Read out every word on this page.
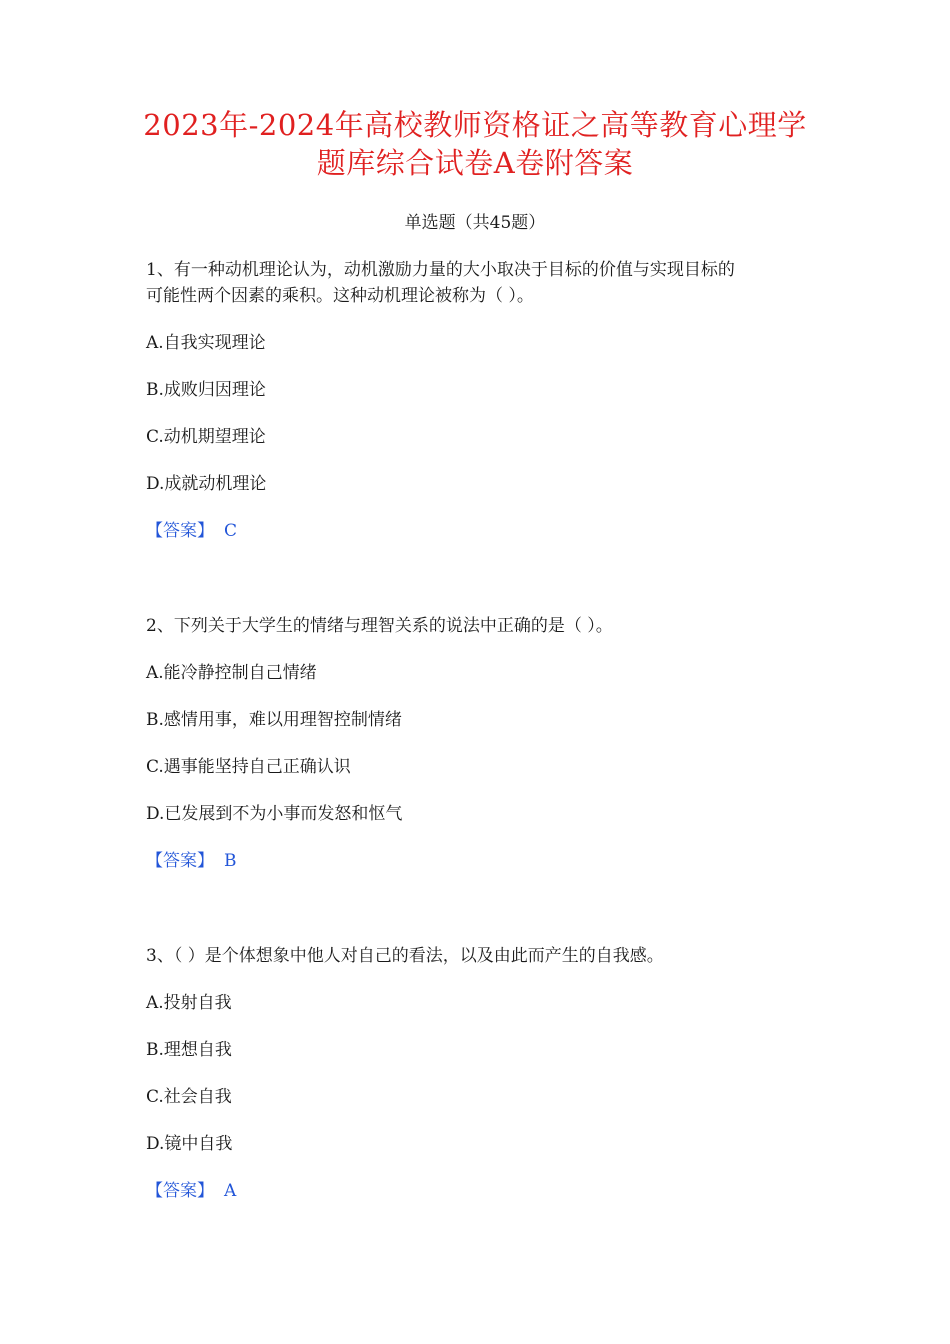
2023年-2024年高校教师资格证之高等教育心理学
题库综合试卷A卷附答案
单选题（共45题）
1、有一种动机理论认为，动机激励力量的大小取决于目标的价值与实现目标的
可能性两个因素的乘积。这种动机理论被称为（ ）。
A.自我实现理论
B.成败归因理论
C.动机期望理论
D.成就动机理论
【答案】 C
2、下列关于大学生的情绪与理智关系的说法中正确的是（ ）。
A.能冷静控制自己情绪
B.感情用事，难以用理智控制情绪
C.遇事能坚持自己正确认识
D.已发展到不为小事而发怒和怄气
【答案】 B
3、（ ）是个体想象中他人对自己的看法，以及由此而产生的自我感。
A.投射自我
B.理想自我
C.社会自我
D.镜中自我
【答案】 A
